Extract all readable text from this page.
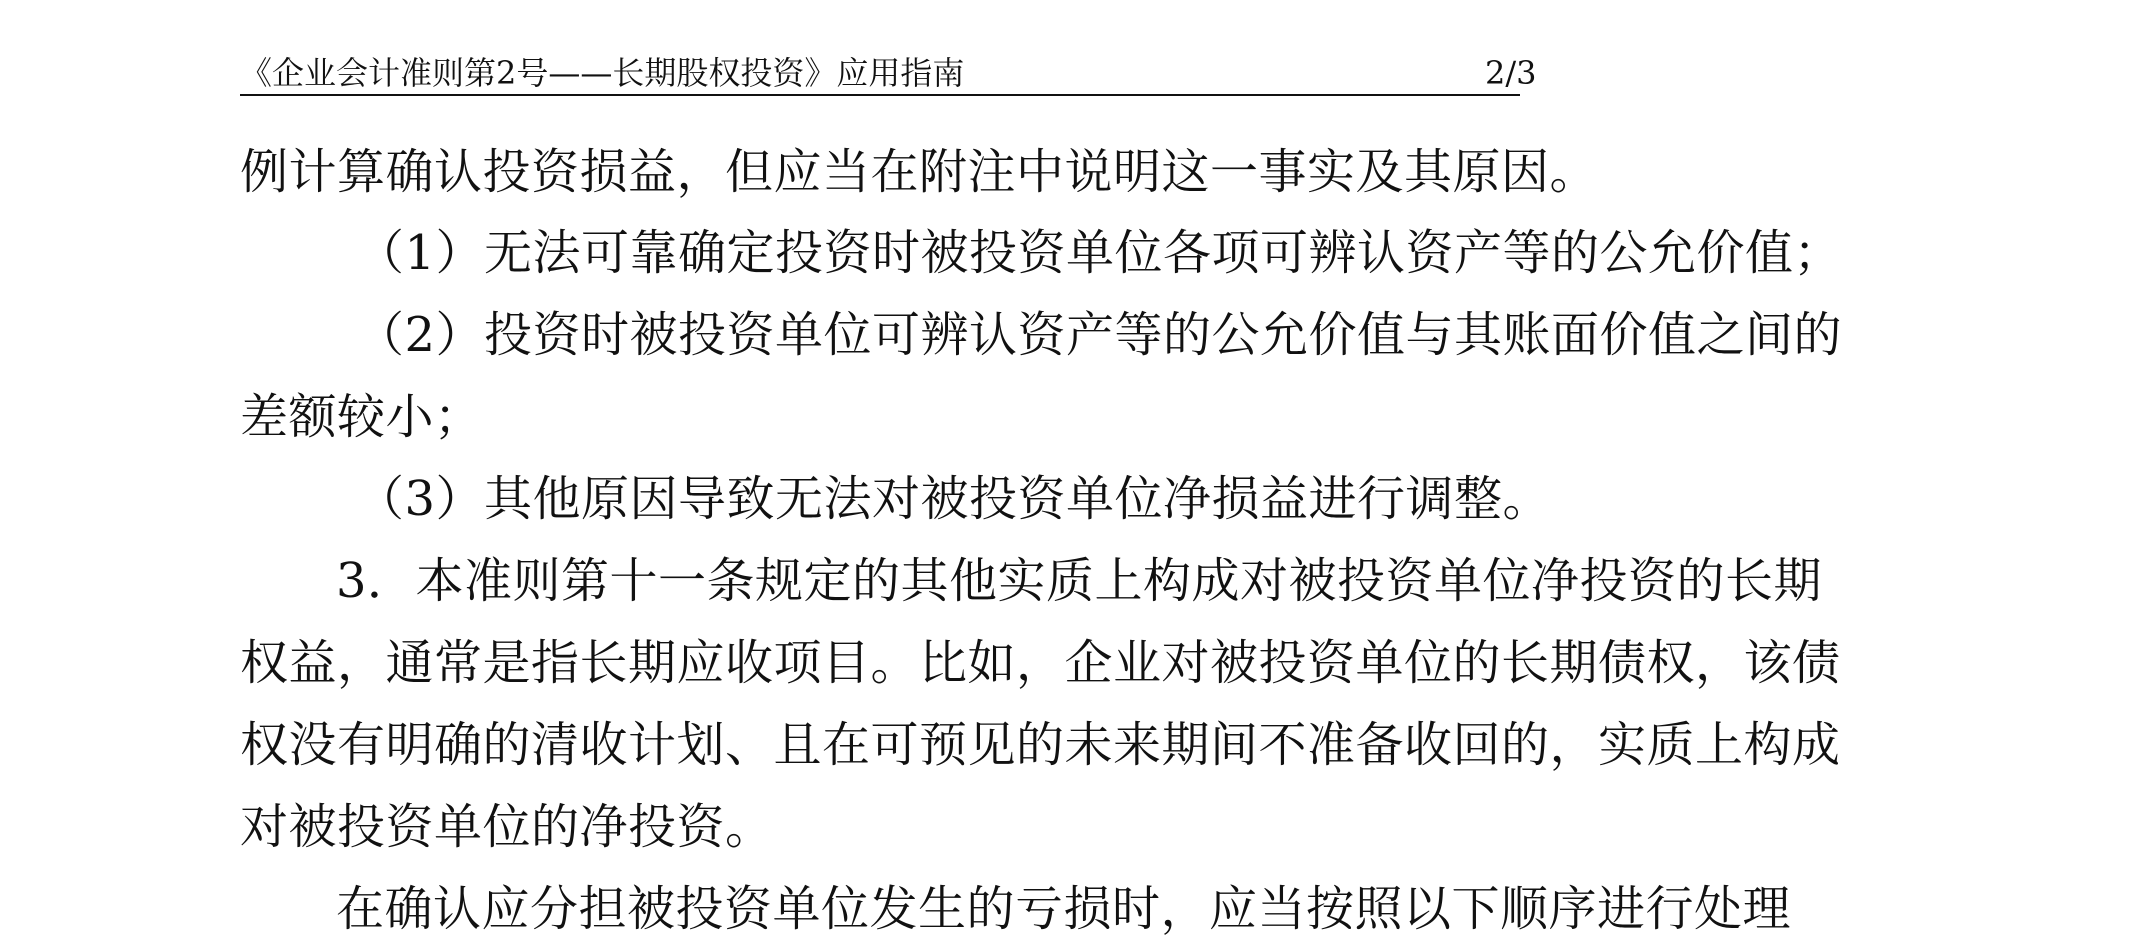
《企业会计准则第2号——长期股权投资》应用指南	2/3
例计算确认投资损益，但应当在附注中说明这一事实及其原因。
（1）无法可靠确定投资时被投资单位各项可辨认资产等的公允价值；
（2）投资时被投资单位可辨认资产等的公允价值与其账面价值之间的
差额较小；
（3）其他原因导致无法对被投资单位净损益进行调整。
3．本准则第十一条规定的其他实质上构成对被投资单位净投资的长期
权益，通常是指长期应收项目。比如，企业对被投资单位的长期债权，该债
权没有明确的清收计划、且在可预见的未来期间不准备收回的，实质上构成
对被投资单位的净投资。
在确认应分担被投资单位发生的亏损时，应当按照以下顺序进行处理
